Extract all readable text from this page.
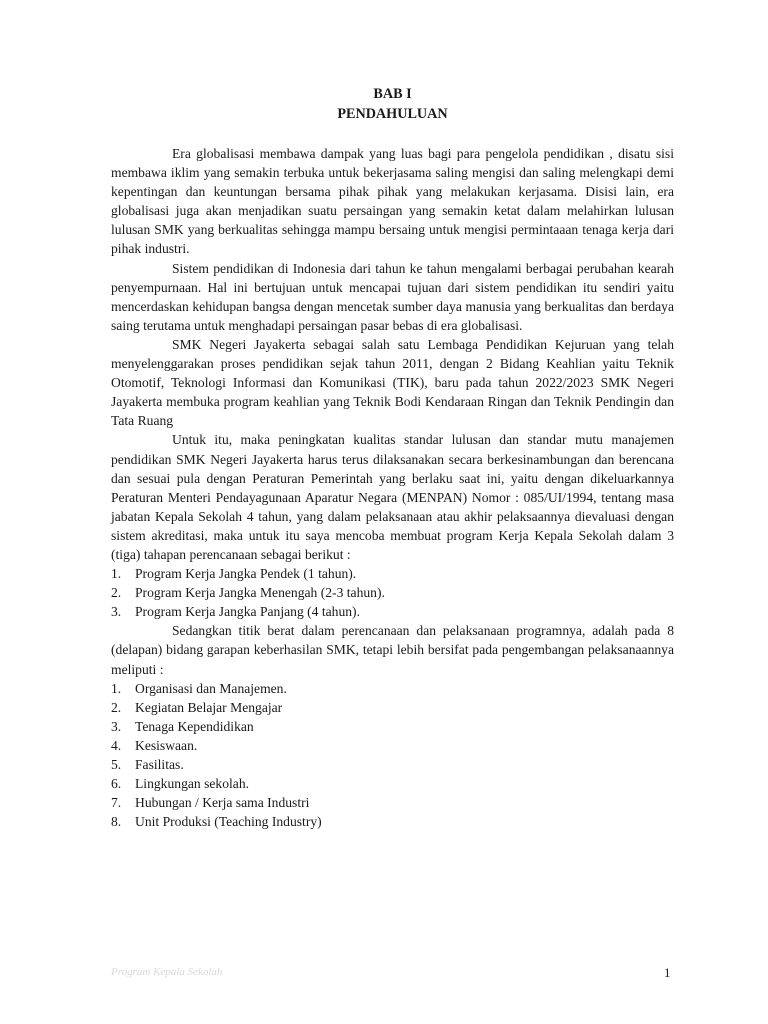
BAB I
PENDAHULUAN

Era globalisasi membawa dampak yang luas bagi para pengelola pendidikan , disatu sisi membawa iklim yang semakin terbuka untuk bekerjasama saling mengisi dan saling melengkapi demi kepentingan dan keuntungan bersama pihak pihak yang melakukan kerjasama. Disisi lain, era globalisasi juga akan menjadikan suatu persaingan yang semakin ketat dalam melahirkan lulusan lulusan SMK yang berkualitas sehingga mampu bersaing untuk mengisi permintaaan tenaga kerja dari pihak industri.

Sistem pendidikan di Indonesia dari tahun ke tahun mengalami berbagai perubahan kearah penyempurnaan. Hal ini bertujuan untuk mencapai tujuan dari sistem pendidikan itu sendiri yaitu mencerdaskan kehidupan bangsa dengan mencetak sumber daya manusia yang berkualitas dan berdaya saing terutama untuk menghadapi persaingan pasar bebas di era globalisasi.

SMK Negeri Jayakerta sebagai salah satu Lembaga Pendidikan Kejuruan yang telah menyelenggarakan proses pendidikan sejak tahun 2011, dengan 2 Bidang Keahlian yaitu Teknik Otomotif, Teknologi Informasi dan Komunikasi (TIK), baru pada tahun 2022/2023 SMK Negeri Jayakerta membuka program keahlian yang Teknik Bodi Kendaraan Ringan dan Teknik Pendingin dan Tata Ruang

Untuk itu, maka peningkatan kualitas standar lulusan dan standar mutu manajemen pendidikan SMK Negeri Jayakerta harus terus dilaksanakan secara berkesinambungan dan berencana dan sesuai pula dengan Peraturan Pemerintah yang berlaku saat ini, yaitu dengan dikeluarkannya Peraturan Menteri Pendayagunaan Aparatur Negara (MENPAN) Nomor : 085/UI/1994, tentang masa jabatan Kepala Sekolah 4 tahun, yang dalam pelaksanaan atau akhir pelaksaannya dievaluasi dengan sistem akreditasi, maka untuk itu saya mencoba membuat program Kerja Kepala Sekolah dalam 3 (tiga) tahapan perencanaan sebagai berikut :

1.	Program Kerja Jangka Pendek (1 tahun).
2.	Program Kerja Jangka Menengah (2-3 tahun).
3.	Program Kerja Jangka Panjang (4 tahun).

Sedangkan titik berat dalam perencanaan dan pelaksanaan programnya, adalah pada 8 (delapan) bidang garapan keberhasilan SMK, tetapi lebih bersifat pada pengembangan pelaksanaannya meliputi :

1.	Organisasi dan Manajemen.
2.	Kegiatan Belajar Mengajar
3.	Tenaga Kependidikan
4.	Kesiswaan.
5.	Fasilitas.
6.	Lingkungan sekolah.
7.	Hubungan / Kerja sama Industri
8.	Unit Produksi (Teaching Industry)
Program Kepala Sekolah	1
